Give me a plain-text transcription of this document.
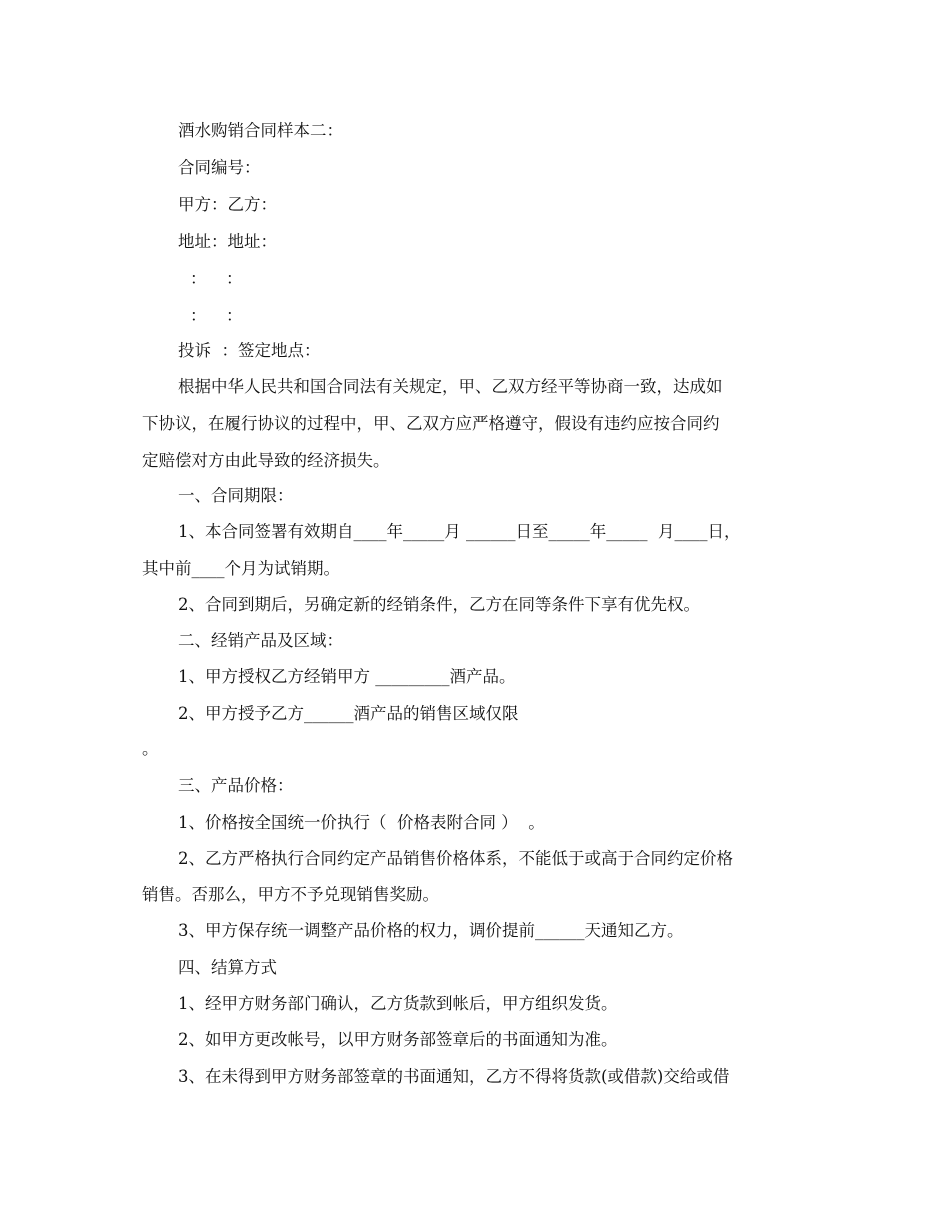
酒水购销合同样本二：
合同编号：
甲方：乙方：
地址：地址：
： ：
： ：
投诉  ：签定地点：
根据中华人民共和国合同法有关规定，甲、乙双方经平等协商一致，达成如
下协议，在履行协议的过程中，甲、乙双方应严格遵守，假设有违约应按合同约
定赔偿对方由此导致的经济损失。
一、合同期限：
1、本合同签署有效期自____年_____月 ______日至_____年_____  月____日，
其中前____个月为试销期。
2、合同到期后，另确定新的经销条件，乙方在同等条件下享有优先权。
二、经销产品及区域：
1、甲方授权乙方经销甲方 _________酒产品。
2、甲方授予乙方______酒产品的销售区域仅限
。
三、产品价格：
1、价格按全国统一价执行（  价格表附合同 ）  。
2、乙方严格执行合同约定产品销售价格体系，不能低于或高于合同约定价格
销售。否那么，甲方不予兑现销售奖励。
3、甲方保存统一调整产品价格的权力，调价提前______天通知乙方。
四、结算方式
1、经甲方财务部门确认，乙方货款到帐后，甲方组织发货。
2、如甲方更改帐号，以甲方财务部签章后的书面通知为准。
3、在未得到甲方财务部签章的书面通知，乙方不得将货款(或借款)交给或借
